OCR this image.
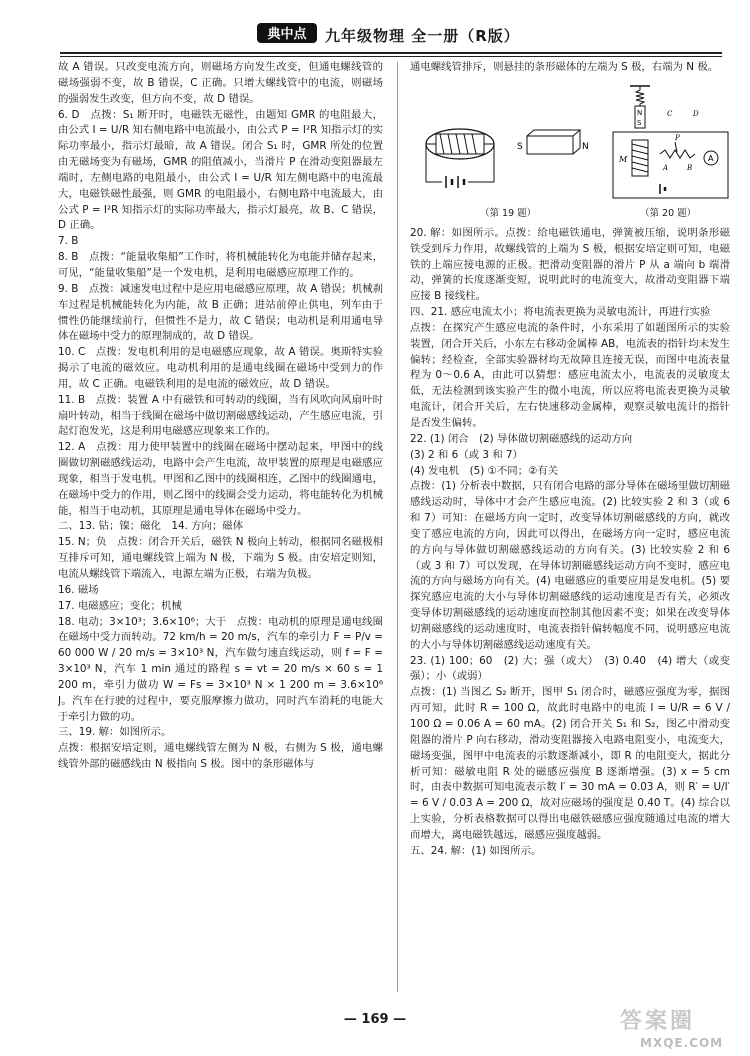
典中点 九年级物理 全一册（R版）

故 A 错误。只改变电流方向，则磁场方向发生改变，但通电螺线管的磁场强弱不变，故 B 错误，C 正确。只增大螺线管中的电流，则磁场的强弱发生改变，但方向不变，故 D 错误。

6. D　点拨：S₁ 断开时，电磁铁无磁性，由题知 GMR 的电阻最大，由公式 I = U/R 知右侧电路中电流最小，由公式 P = I²R 知指示灯的实际功率最小，指示灯最暗，故 A 错误。闭合 S₁ 时，GMR 所处的位置由无磁场变为有磁场，GMR 的阻值减小，当滑片 P 在滑动变阻器最左端时，左侧电路的电阻最小，由公式 I = U/R 知左侧电路中的电流最大，电磁铁磁性最强，则 GMR 的电阻最小，右侧电路中电流最大，由公式 P = I²R 知指示灯的实际功率最大，指示灯最亮，故 B、C 错误，D 正确。

7. B

8. B　点拨：“能量收集船”工作时，将机械能转化为电能并储存起来，可见，“能量收集船”是一个发电机，是利用电磁感应原理工作的。

9. B　点拨：减速发电过程中是应用电磁感应原理，故 A 错误；机械刹车过程是机械能转化为内能，故 B 正确；进站前停止供电，列车由于惯性仍能继续前行，但惯性不是力，故 C 错误；电动机是利用通电导体在磁场中受力的原理制成的，故 D 错误。

10. C　点拨：发电机利用的是电磁感应现象，故 A 错误。奥斯特实验揭示了电流的磁效应。电动机利用的是通电线圈在磁场中受到力的作用，故 C 正确。电磁铁利用的是电流的磁效应，故 D 错误。

11. B　点拨：装置 A 中有磁铁和可转动的线圈，当有风吹向风扇叶时扇叶转动，相当于线圈在磁场中做切割磁感线运动，产生感应电流，引起灯泡发光，这是利用电磁感应现象来工作的。

12. A　点拨：用力使甲装置中的线圈在磁场中摆动起来，甲图中的线圈做切割磁感线运动，电路中会产生电流，故甲装置的原理是电磁感应现象，相当于发电机。甲图和乙图中的线圈相连，乙图中的线圈通电，在磁场中受力的作用，则乙图中的线圈会受力运动，将电能转化为机械能，相当于电动机，其原理是通电导体在磁场中受力。

二、13. 钴；镍；磁化　14. 方向；磁体

15. N；负　点拨：闭合开关后，磁铁 N 极向上转动，根据同名磁极相互排斥可知，通电螺线管上端为 N 极，下端为 S 极。由安培定则知，电流从螺线管下端流入，电源左端为正极，右端为负极。

16. 磁场

17. 电磁感应；变化；机械

18. 电动；3×10³；3.6×10⁶；大于　点拨：电动机的原理是通电线圈在磁场中受力而转动。72 km/h = 20 m/s，汽车的牵引力 F = P/v = 60 000 W / 20 m/s = 3×10³ N，汽车做匀速直线运动，则 f = F = 3×10³ N，汽车 1 min 通过的路程 s = vt = 20 m/s × 60 s = 1 200 m，牵引力做功 W = Fs = 3×10³ N × 1 200 m = 3.6×10⁶ J。汽车在行驶的过程中，要克服摩擦力做功，同时汽车消耗的电能大于牵引力做的功。

三、19. 解：如图所示。

点拨：根据安培定则，通电螺线管左侧为 N 极，右侧为 S 极，通电螺线管外部的磁感线由 N 极指向 S 极。图中的条形磁体与

通电螺线管排斥，则悬挂的条形磁体的左端为 S 极，右端为 N 极。

S	N
N
S
M
P
A	B
C	D
A
（第 19 题）	（第 20 题）

20. 解：如图所示。点拨：给电磁铁通电，弹簧被压缩，说明条形磁铁受到斥力作用，故螺线管的上端为 S 极，根据安培定则可知，电磁铁的上端应接电源的正极。把滑动变阻器的滑片 P 从 a 端向 b 端滑动，弹簧的长度逐渐变短，说明此时的电流变大，故滑动变阻器下端应接 B 接线柱。

四、21. 感应电流太小；将电流表更换为灵敏电流计，再进行实验

点拨：在探究产生感应电流的条件时，小东采用了如题图所示的实验装置，闭合开关后，小东左右移动金属棒 AB，电流表的指针均未发生偏转；经检查，全部实验器材均无故障且连接无误，而图中电流表量程为 0～0.6 A，由此可以猜想：感应电流太小，电流表的灵敏度太低，无法检测到该实验产生的微小电流，所以应将电流表更换为灵敏电流计，闭合开关后，左右快速移动金属棒，观察灵敏电流计的指针是否发生偏转。

22. (1) 闭合　(2) 导体做切割磁感线的运动方向

(3) 2 和 6（或 3 和 7）

(4) 发电机　(5) ①不同；②有关

点拨：(1) 分析表中数据，只有闭合电路的部分导体在磁场里做切割磁感线运动时，导体中才会产生感应电流。(2) 比较实验 2 和 3（或 6 和 7）可知：在磁场方向一定时，改变导体切割磁感线的方向，就改变了感应电流的方向，因此可以得出，在磁场方向一定时，感应电流的方向与导体做切割磁感线运动的方向有关。(3) 比较实验 2 和 6（或 3 和 7）可以发现，在导体切割磁感线运动方向不变时，感应电流的方向与磁场方向有关。(4) 电磁感应的重要应用是发电机。(5) 要探究感应电流的大小与导体切割磁感线的运动速度是否有关，必须改变导体切割磁感线的运动速度而控制其他因素不变；如果在改变导体切割磁感线的运动速度时，电流表指针偏转幅度不同，说明感应电流的大小与导体切割磁感线运动速度有关。

23. (1) 100；60　(2) 大；强（或大）　(3) 0.40　(4) 增大（或变强）；小（或弱）

点拨：(1) 当图乙 S₂ 断开，图甲 S₁ 闭合时，磁感应强度为零，据图丙可知，此时 R = 100 Ω，故此时电路中的电流 I = U/R = 6 V / 100 Ω = 0.06 A = 60 mA。(2) 闭合开关 S₁ 和 S₂，图乙中滑动变阻器的滑片 P 向右移动，滑动变阻器接入电路电阻变小，电流变大，磁场变强，图甲中电流表的示数逐渐减小，即 R 的电阻变大，据此分析可知：磁敏电阻 R 处的磁感应强度 B 逐渐增强。(3) x = 5 cm 时，由表中数据可知电流表示数 I′ = 30 mA = 0.03 A，则 R′ = U/I′ = 6 V / 0.03 A = 200 Ω，故对应磁场的强度是 0.40 T。(4) 综合以上实验，分析表格数据可以得出电磁铁磁感应强度随通过电流的增大而增大，离电磁铁越远，磁感应强度越弱。

五、24. 解：(1) 如图所示。

— 169 —	答案圈
MXQE.COM
